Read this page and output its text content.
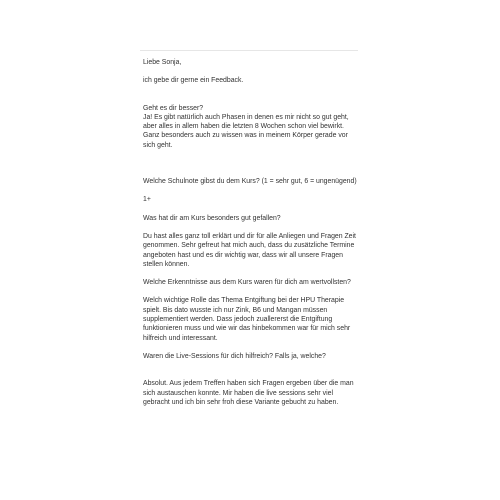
Liebe Sonja,

ich gebe dir gerne ein Feedback.

Geht es dir besser?
Ja! Es gibt natürlich auch Phasen in denen es mir nicht so gut geht, aber alles in allem haben die letzten 8 Wochen schon viel bewirkt. Ganz besonders auch zu wissen was in meinem Körper gerade vor sich geht.

Welche Schulnote gibst du dem Kurs? (1 = sehr gut, 6 = ungenügend)

1+

Was hat dir am Kurs besonders gut gefallen?

Du hast alles ganz toll erklärt und dir für alle Anliegen und Fragen Zeit genommen. Sehr gefreut hat mich auch, dass du zusätzliche Termine angeboten hast und es dir wichtig war, dass wir all unsere Fragen stellen können.

Welche Erkenntnisse aus dem Kurs waren für dich am wertvollsten?

Welch wichtige Rolle das Thema Entgiftung bei der HPU Therapie spielt. Bis dato wusste ich nur Zink, B6 und Mangan müssen supplementiert werden. Dass jedoch zuallererst die Entgiftung funktionieren muss und wie wir das hinbekommen war für mich sehr hilfreich und interessant.

Waren die Live-Sessions für dich hilfreich? Falls ja, welche?

Absolut. Aus jedem Treffen haben sich Fragen ergeben über die man sich austauschen konnte. Mir haben die live sessions sehr viel gebracht und ich bin sehr froh diese Variante gebucht zu haben.
